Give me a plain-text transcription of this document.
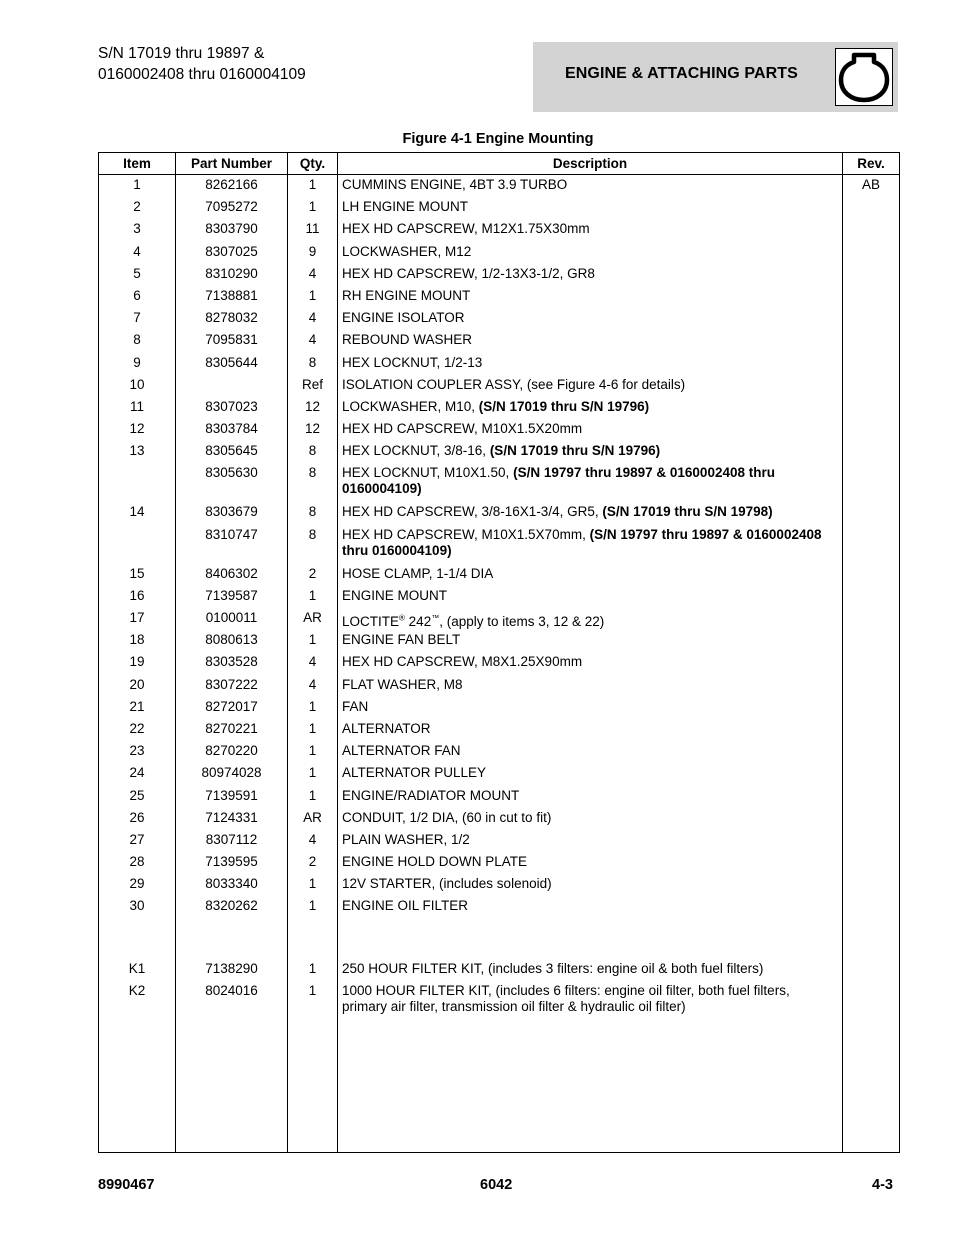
S/N 17019 thru 19897 &
0160002408 thru 0160004109	ENGINE & ATTACHING PARTS
Figure 4-1 Engine Mounting
Item	Part Number	Qty.	Description	Rev.
1	8262166	1	CUMMINS ENGINE, 4BT 3.9 TURBO	AB
2	7095272	1	LH ENGINE MOUNT	
3	8303790	11	HEX HD CAPSCREW, M12X1.75X30mm	
4	8307025	9	LOCKWASHER, M12	
5	8310290	4	HEX HD CAPSCREW, 1/2-13X3-1/2, GR8	
6	7138881	1	RH ENGINE MOUNT	
7	8278032	4	ENGINE ISOLATOR	
8	7095831	4	REBOUND WASHER	
9	8305644	8	HEX LOCKNUT, 1/2-13	
10		Ref	ISOLATION COUPLER ASSY, (see Figure 4-6 for details)	
11	8307023	12	LOCKWASHER, M10, (S/N 17019 thru S/N 19796)	
12	8303784	12	HEX HD CAPSCREW, M10X1.5X20mm	
13	8305645	8	HEX LOCKNUT, 3/8-16, (S/N 17019 thru S/N 19796)	
	8305630	8	HEX LOCKNUT, M10X1.50, (S/N 19797 thru 19897 & 0160002408 thru 0160004109)	
14	8303679	8	HEX HD CAPSCREW, 3/8-16X1-3/4, GR5, (S/N 17019 thru S/N 19798)	
	8310747	8	HEX HD CAPSCREW, M10X1.5X70mm, (S/N 19797 thru 19897 & 0160002408 thru 0160004109)	
15	8406302	2	HOSE CLAMP, 1-1/4 DIA	
16	7139587	1	ENGINE MOUNT	
17	0100011	AR	LOCTITE® 242™, (apply to items 3, 12 & 22)	
18	8080613	1	ENGINE FAN BELT	
19	8303528	4	HEX HD CAPSCREW, M8X1.25X90mm	
20	8307222	4	FLAT WASHER, M8	
21	8272017	1	FAN	
22	8270221	1	ALTERNATOR	
23	8270220	1	ALTERNATOR FAN	
24	80974028	1	ALTERNATOR PULLEY	
25	7139591	1	ENGINE/RADIATOR MOUNT	
26	7124331	AR	CONDUIT, 1/2 DIA, (60 in cut to fit)	
27	8307112	4	PLAIN WASHER, 1/2	
28	7139595	2	ENGINE HOLD DOWN PLATE	
29	8033340	1	12V STARTER, (includes solenoid)	
30	8320262	1	ENGINE OIL FILTER	

K1	7138290	1	250 HOUR FILTER KIT, (includes 3 filters: engine oil & both fuel filters)	
K2	8024016	1	1000 HOUR FILTER KIT, (includes 6 filters: engine oil filter, both fuel filters, primary air filter, transmission oil filter & hydraulic oil filter)	

8990467	6042	4-3
